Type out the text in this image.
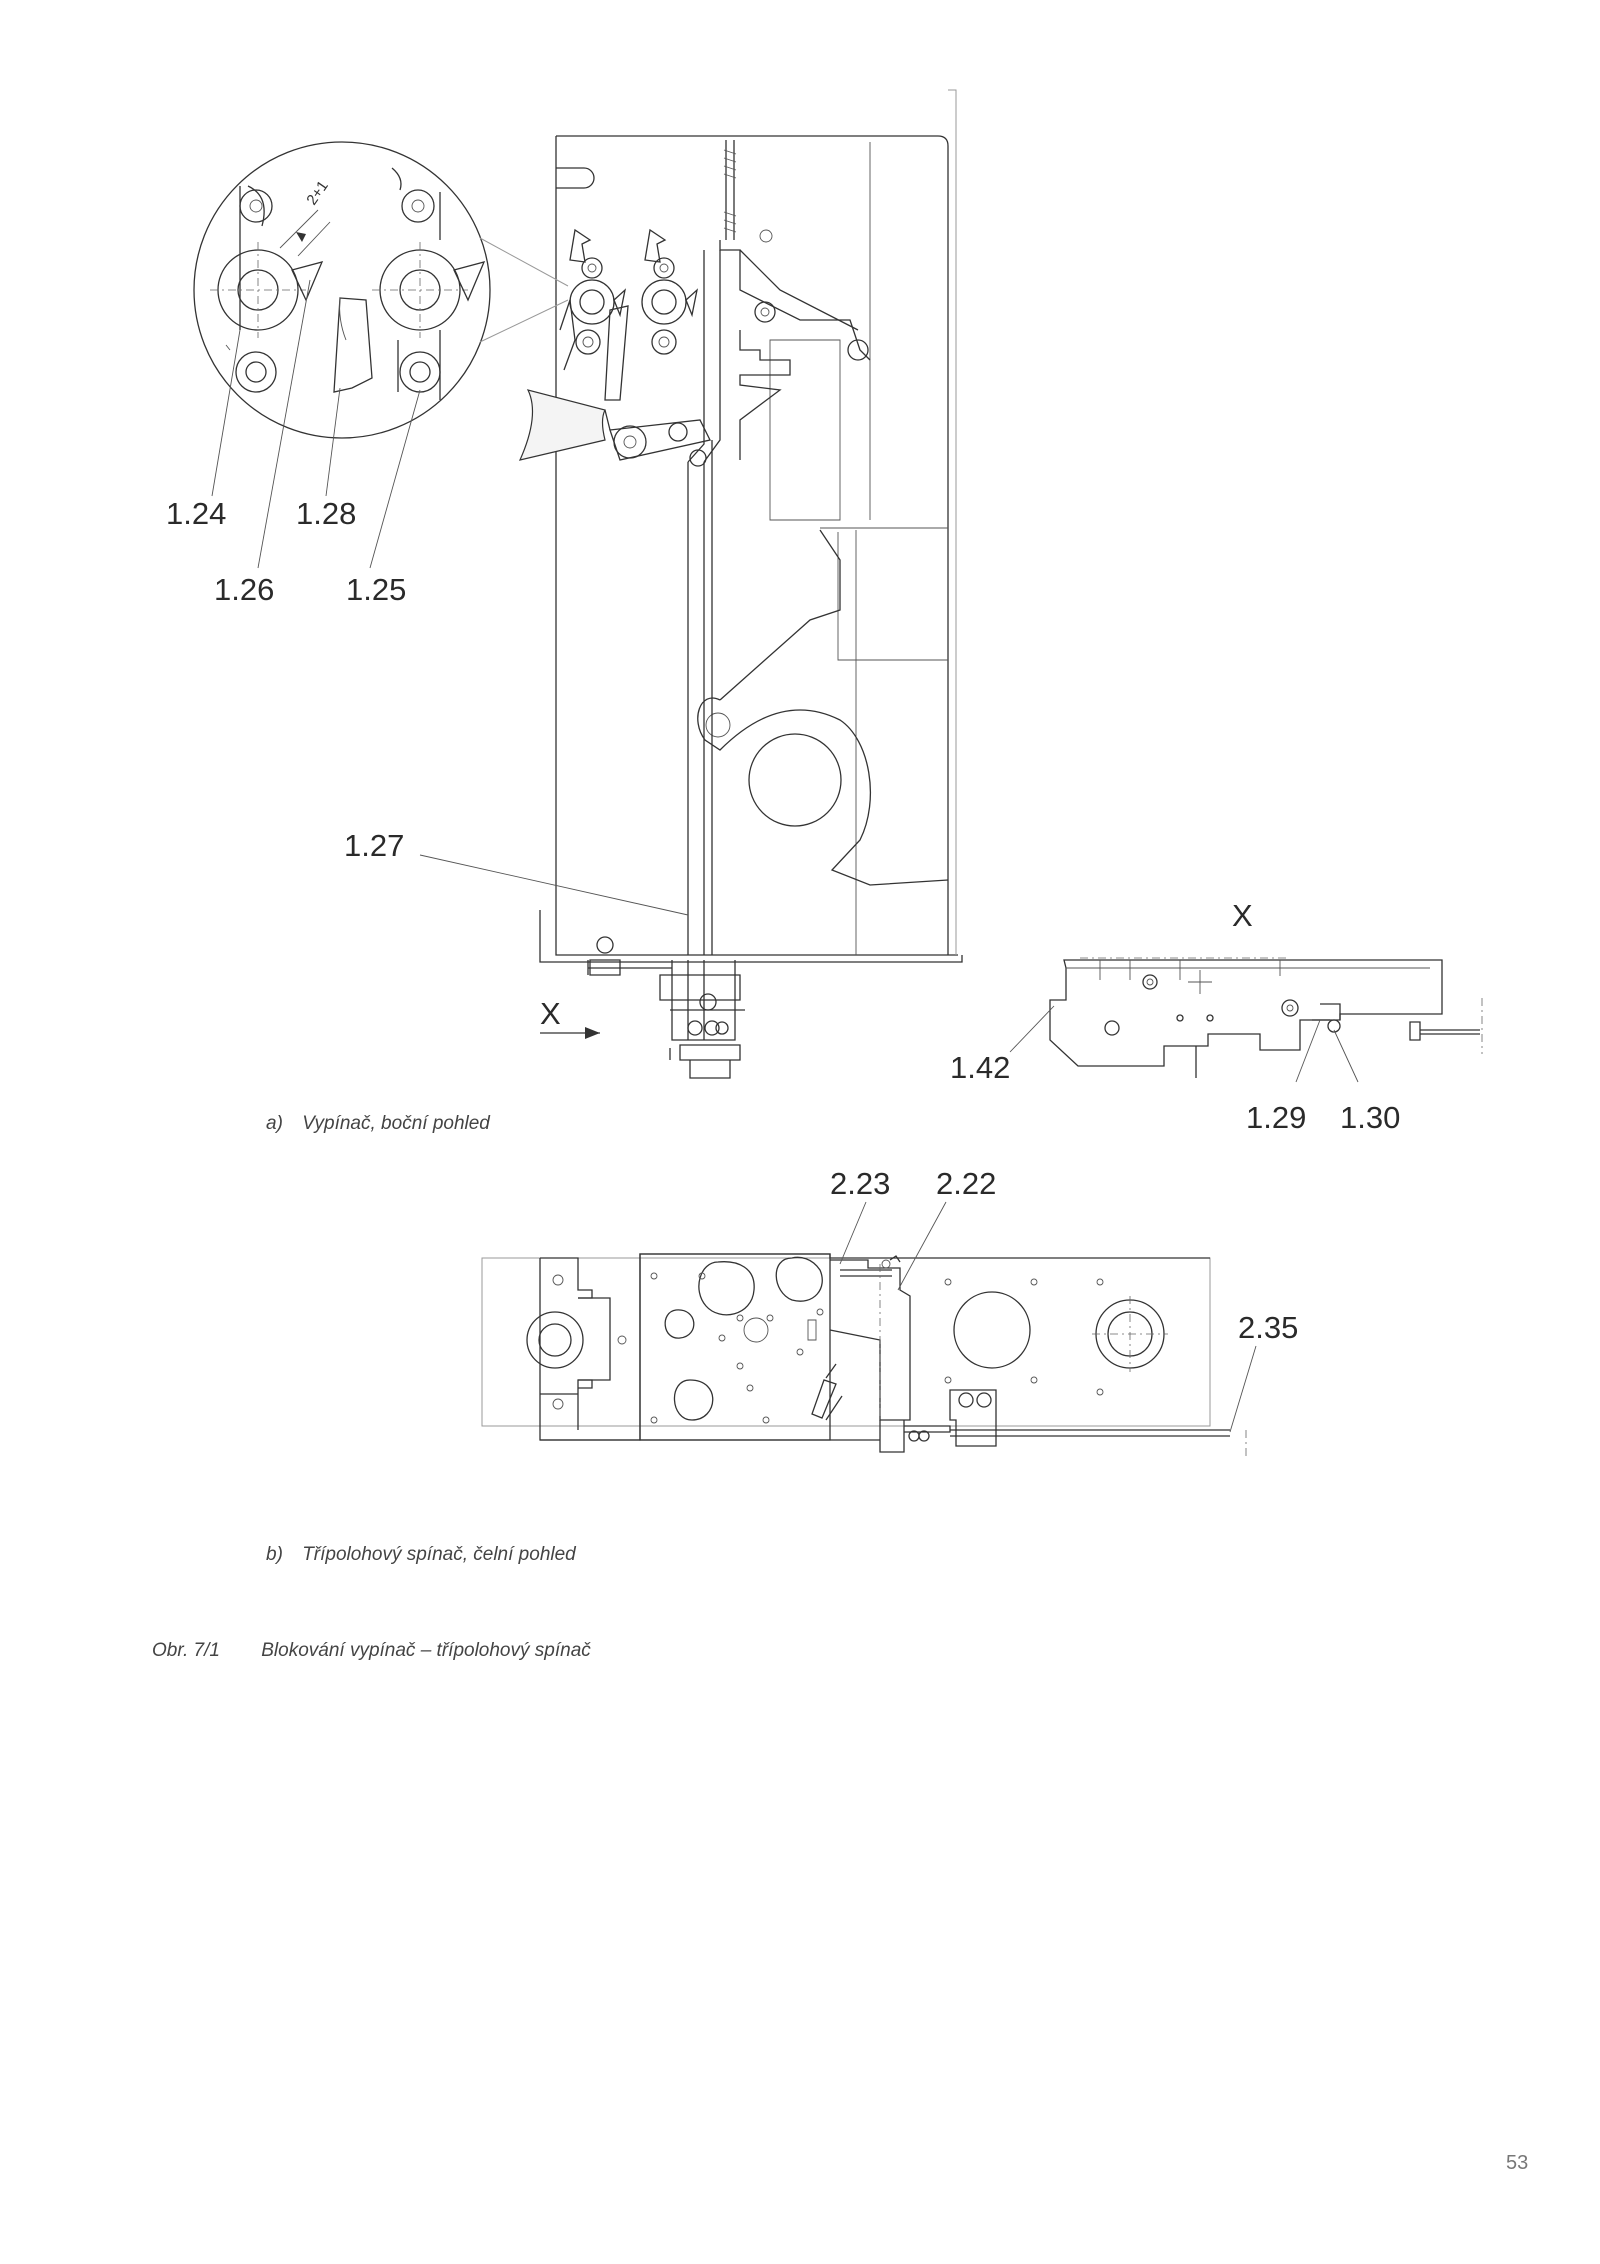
2+1
1.24 1.28
1.26 1.25
1.27
X
X
1.42
1.29 1.30
2.23 2.22
2.35
a) Vypínač, boční pohled
b) Třípolohový spínač, čelní pohled
Obr. 7/1 Blokování vypínač – třípolohový spínač
53
